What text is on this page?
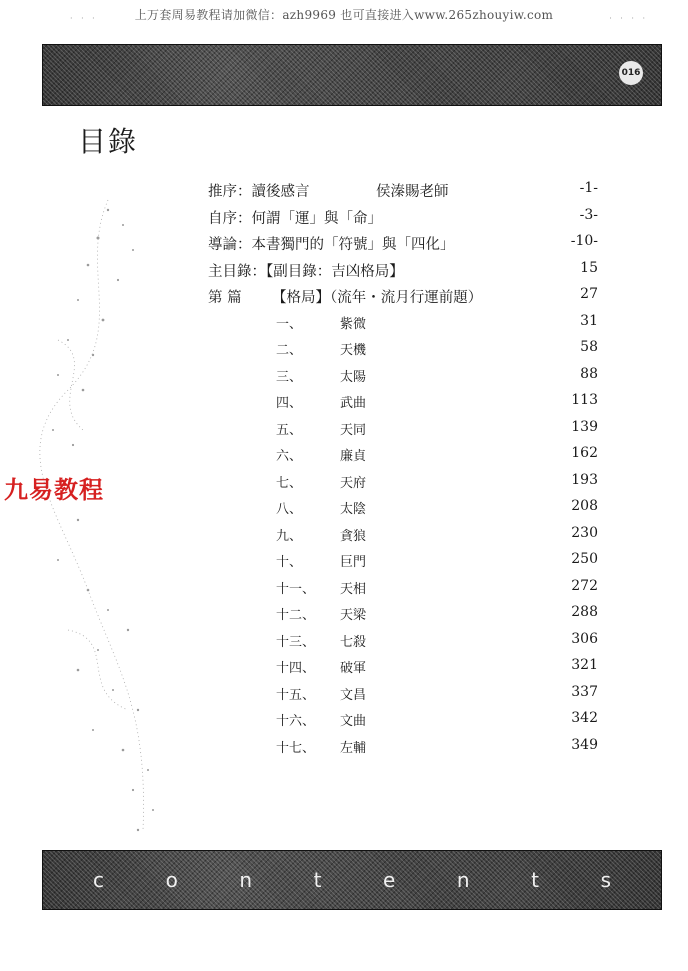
上万套周易教程请加微信：azh9969 也可直接进入www.265zhouyiw.com
· · ·	· · · ·
016
目錄

九易教程

推序：讀後感言	侯溱賜老師	-1-
自序：何謂「運」與「命」	-3-
導論：本書獨門的「符號」與「四化」	-10-
主目錄：【副目錄：吉凶格局】	15
第 篇 【格局】（流年・流月行運前題）	27
一、	紫微	31
二、	天機	58
三、	太陽	88
四、	武曲	113
五、	天同	139
六、	廉貞	162
七、	天府	193
八、	太陰	208
九、	貪狼	230
十、	巨門	250
十一、 天相	272
十二、 天梁	288
十三、 七殺	306
十四、 破軍	321
十五、 文昌	337
十六、 文曲	342
十七、 左輔	349
c	o	n	t	e	n	t	s
